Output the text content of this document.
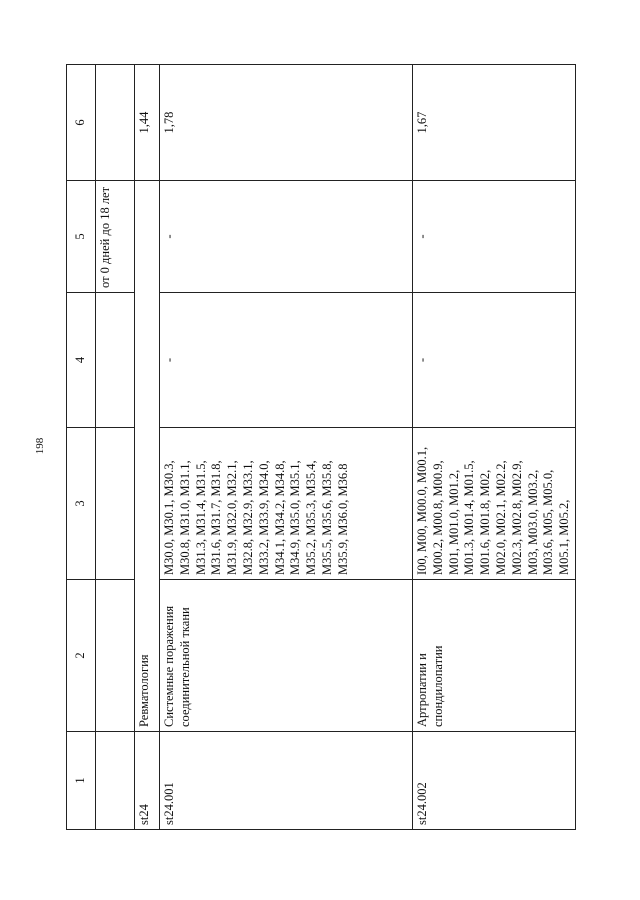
198
1	2	3	4	5	6
				от 0 дней до 18 лет	
st24	Ревматология				1,44
st24.001	Системные поражения соединительной ткани	M30.0, M30.1, M30.3, M30.8, M31.0, M31.1, M31.3, M31.4, M31.5, M31.6, M31.7, M31.8, M31.9, M32.0, M32.1, M32.8, M32.9, M33.1, M33.2, M33.9, M34.0, M34.1, M34.2, M34.8, M34.9, M35.0, M35.1, M35.2, M35.3, M35.4, M35.5, M35.6, M35.8, M35.9, M36.0, M36.8	-	-	1,78
st24.002	Артропатии и спондилопатии	I00, M00, M00.0, M00.1, M00.2, M00.8, M00.9, M01, M01.0, M01.2, M01.3, M01.4, M01.5, M01.6, M01.8, M02, M02.0, M02.1, M02.2, M02.3, M02.8, M02.9, M03, M03.0, M03.2, M03.6, M05, M05.0, M05.1, M05.2,	-	-	1,67
